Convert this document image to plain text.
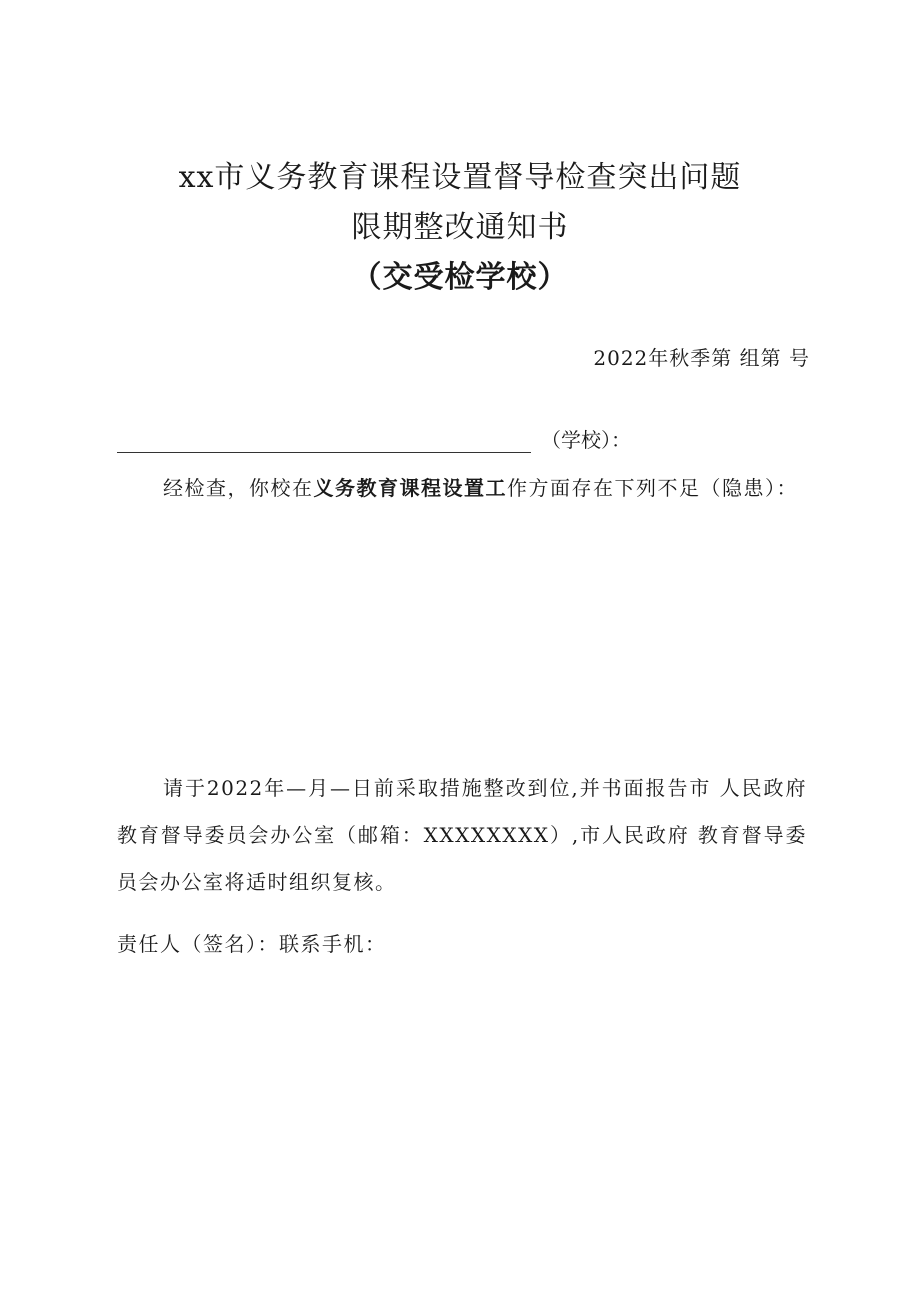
xx市义务教育课程设置督导检查突出问题
限期整改通知书
（交受检学校）
2022年秋季第 组第 号
（学校）：
经检查，你校在义务教育课程设置工作方面存在下列不足（隐患）：
请于2022年—月—日前采取措施整改到位,并书面报告市 人民政府教育督导委员会办公室（邮箱：XXXXXXXX）,市人民政府 教育督导委员会办公室将适时组织复核。
责任人（签名）：联系手机：
